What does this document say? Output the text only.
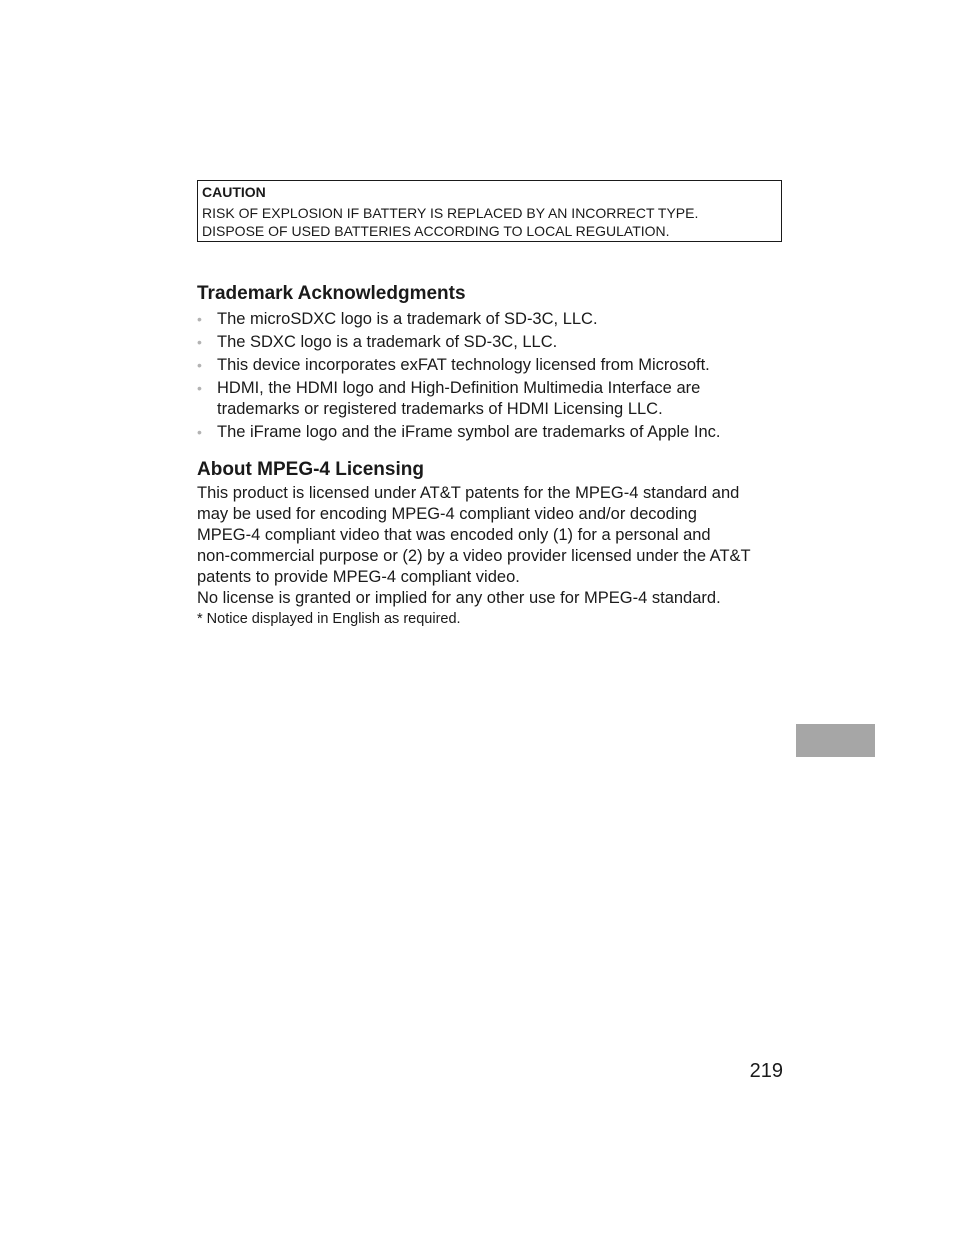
CAUTION

RISK OF EXPLOSION IF BATTERY IS REPLACED BY AN INCORRECT TYPE.

DISPOSE OF USED BATTERIES ACCORDING TO LOCAL REGULATION.

Trademark Acknowledgments
• The microSDXC logo is a trademark of SD-3C, LLC.
• The SDXC logo is a trademark of SD-3C, LLC.
• This device incorporates exFAT technology licensed from Microsoft.
• HDMI, the HDMI logo and High-Definition Multimedia Interface are
trademarks or registered trademarks of HDMI Licensing LLC.
• The iFrame logo and the iFrame symbol are trademarks of Apple Inc.
About MPEG-4 Licensing

This product is licensed under AT&T patents for the MPEG-4 standard and
may be used for encoding MPEG-4 compliant video and/or decoding
MPEG-4 compliant video that was encoded only (1) for a personal and
non-commercial purpose or (2) by a video provider licensed under the AT&T
patents to provide MPEG-4 compliant video.
No license is granted or implied for any other use for MPEG-4 standard.

* Notice displayed in English as required.

219
